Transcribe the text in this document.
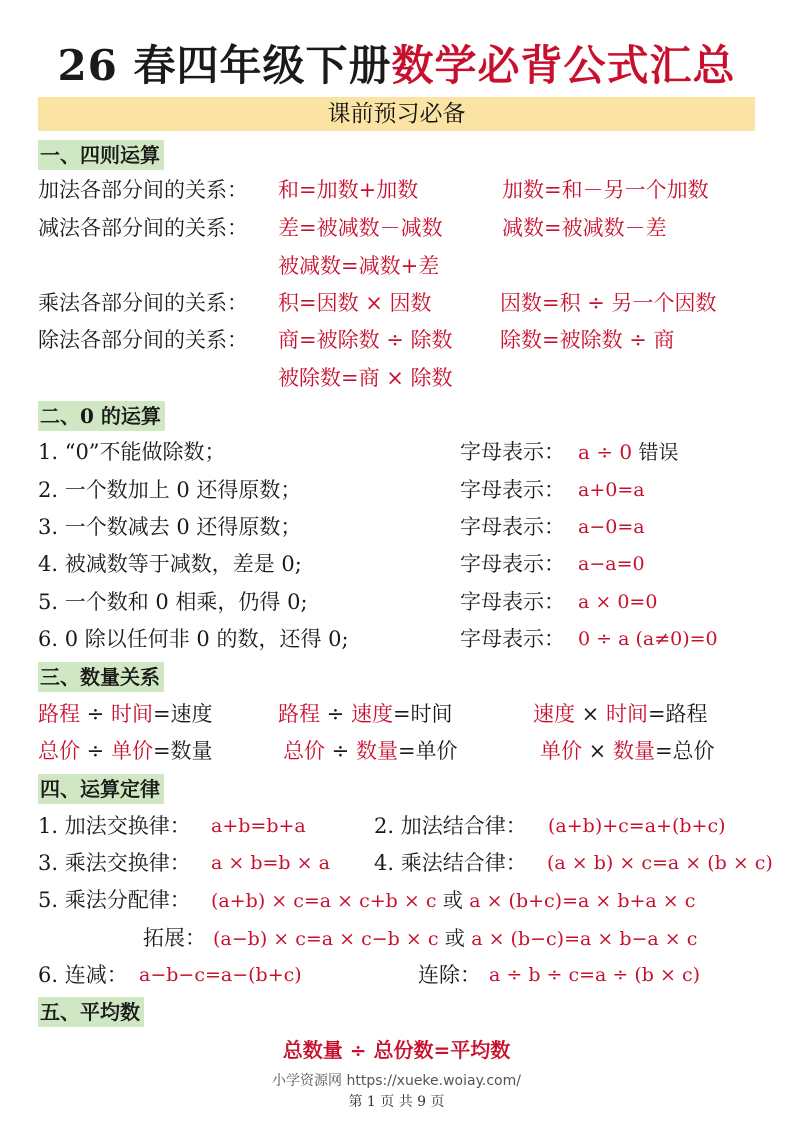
26 春四年级下册数学必背公式汇总
课前预习必备
一、四则运算
加法各部分间的关系： 和=加数+加数	加数=和－另一个加数
减法各部分间的关系： 差=被减数－减数	减数=被减数－差
被减数=减数+差
乘法各部分间的关系： 积=因数 × 因数	因数=积 ÷ 另一个因数
除法各部分间的关系： 商=被除数 ÷ 除数 除数=被除数 ÷ 商
被除数=商 × 除数
二、0 的运算
1. “0”不能做除数；	字母表示： a ÷ 0 错误
2. 一个数加上 0 还得原数；	字母表示： a+0=a
3. 一个数减去 0 还得原数；	字母表示： a−0=a
4. 被减数等于减数，差是 0;	字母表示： a−a=0
5. 一个数和 0 相乘，仍得 0;	字母表示： a × 0=0
6. 0 除以任何非 0 的数，还得 0;	字母表示： 0 ÷ a (a≠0)=0
三、数量关系
路程 ÷ 时间=速度	路程 ÷ 速度=时间	速度 × 时间=路程
总价 ÷ 单价=数量	总价 ÷ 数量=单价	单价 × 数量=总价
四、运算定律
1. 加法交换律： a+b=b+a	2. 加法结合律： (a+b)+c=a+(b+c)
3. 乘法交换律： a × b=b × a 4. 乘法结合律： (a × b) × c=a × (b × c)
5. 乘法分配律： (a+b) × c=a × c+b × c 或 a × (b+c)=a × b+a × c
拓展： (a−b) × c=a × c−b × c 或 a × (b−c)=a × b−a × c
6. 连减： a−b−c=a−(b+c)	连除： a ÷ b ÷ c=a ÷ (b × c)
五、平均数
总数量 ÷ 总份数=平均数
小学资源网 https://xueke.woiay.com/
第 1 页 共 9 页
